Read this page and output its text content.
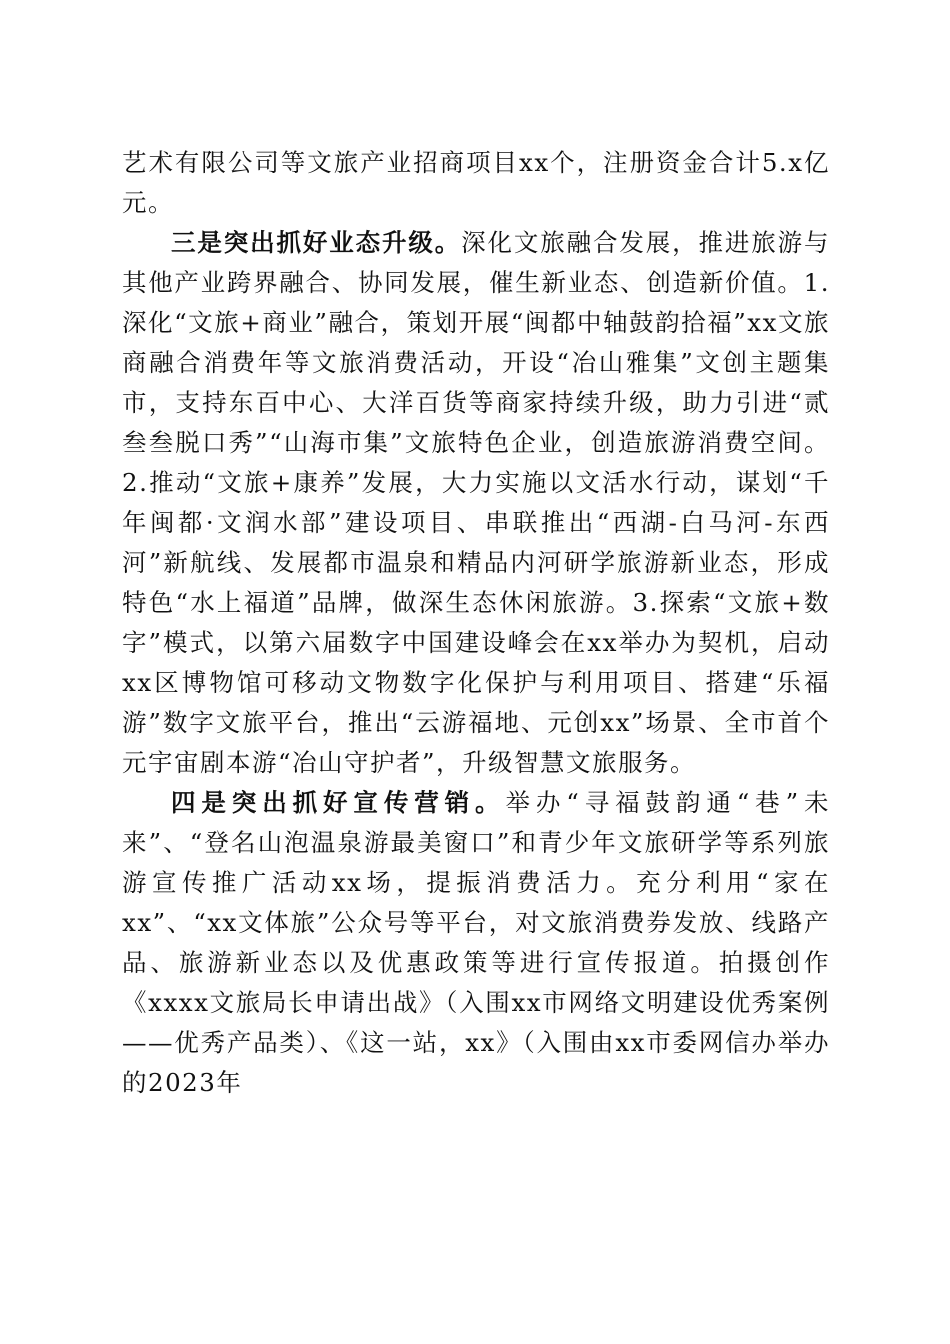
艺术有限公司等文旅产业招商项目xx个，注册资金合计5.x亿元。

三是突出抓好业态升级。深化文旅融合发展，推进旅游与其他产业跨界融合、协同发展，催生新业态、创造新价值。1.深化“文旅+商业”融合，策划开展“闽都中轴鼓韵拾福”xx文旅商融合消费年等文旅消费活动，开设“冶山雅集”文创主题集市，支持东百中心、大洋百货等商家持续升级，助力引进“贰叁叁脱口秀”“山海市集”文旅特色企业，创造旅游消费空间。2.推动“文旅+康养”发展，大力实施以文活水行动，谋划“千年闽都·文润水部”建设项目、串联推出“西湖-白马河-东西河”新航线、发展都市温泉和精品内河研学旅游新业态，形成特色“水上福道”品牌，做深生态休闲旅游。3.探索“文旅+数字”模式，以第六届数字中国建设峰会在xx举办为契机，启动xx区博物馆可移动文物数字化保护与利用项目、搭建“乐福游”数字文旅平台，推出“云游福地、元创xx”场景、全市首个元宇宙剧本游“冶山守护者”，升级智慧文旅服务。

四是突出抓好宣传营销。举办“寻福鼓韵通“巷”未来”、“登名山泡温泉游最美窗口”和青少年文旅研学等系列旅游宣传推广活动xx场，提振消费活力。充分利用“家在xx”、“xx文体旅”公众号等平台，对文旅消费券发放、线路产品、旅游新业态以及优惠政策等进行宣传报道。拍摄创作《xxxx文旅局长申请出战》（入围xx市网络文明建设优秀案例——优秀产品类）、《这一站，xx》（入围由xx市委网信办举办的2023年
